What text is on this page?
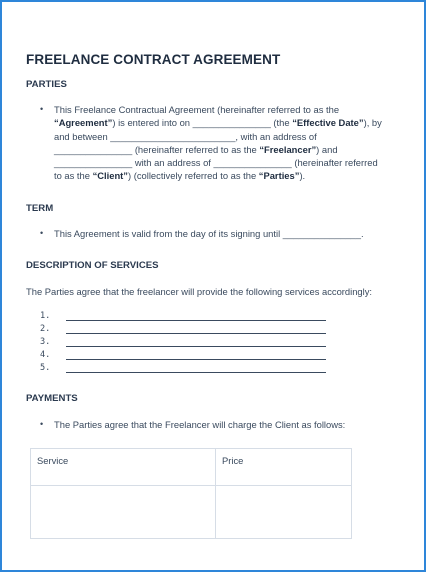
FREELANCE CONTRACT AGREEMENT
PARTIES
• This Freelance Contractual Agreement (hereinafter referred to as the “Agreement”) is entered into on _______________ (the “Effective Date”), by and between ________________________, with an address of _______________ (hereinafter referred to as the “Freelancer”) and _______________ with an address of _______________ (hereinafter referred to as the “Client”) (collectively referred to as the “Parties”).
TERM
• This Agreement is valid from the day of its signing until _______________.
DESCRIPTION OF SERVICES
The Parties agree that the freelancer will provide the following services accordingly:
1.
2.
3.
4.
5.
PAYMENTS
• The Parties agree that the Freelancer will charge the Client as follows:
Service	Price
